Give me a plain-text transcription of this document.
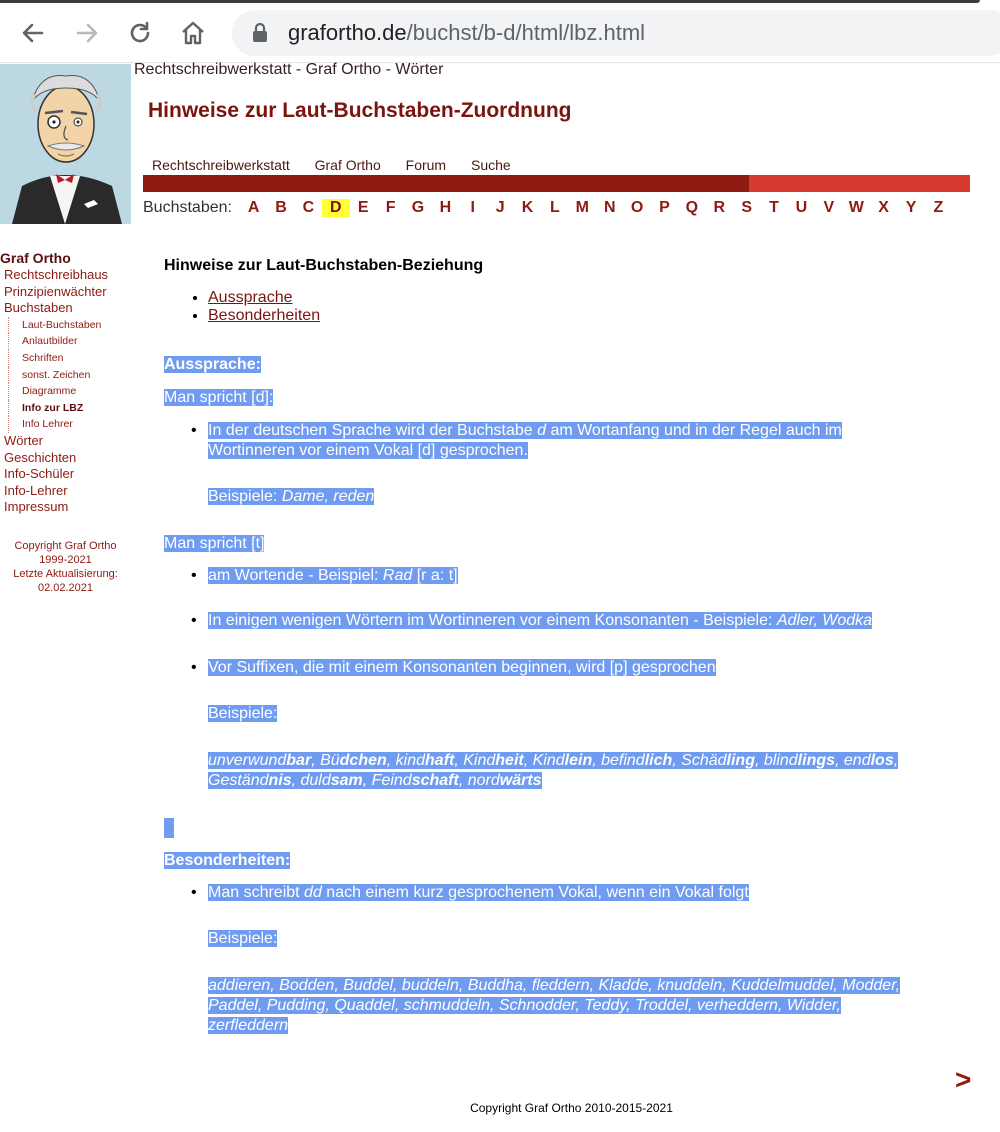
grafortho.de/buchst/b-d/html/lbz.html
Rechtschreibwerkstatt - Graf Ortho - Wörter
Hinweise zur Laut-Buchstaben-Zuordnung
Rechtschreibwerkstatt Graf Ortho Forum Suche
Buchstaben: A B C D	E	F	G H	I	J	K	L M N O P Q R	S	T	U	V W X	Y	Z
Graf Ortho
Rechtschreibhaus
Prinzipienwächter
Buchstaben
Laut-Buchstaben
Anlautbilder
Schriften
sonst. Zeichen
Diagramme
Info zur LBZ
Info Lehrer
Wörter
Geschichten
Info-Schüler
Info-Lehrer
Impressum
Copyright Graf Ortho
1999-2021
Letzte Aktualisierung:
02.02.2021
Hinweise zur Laut-Buchstaben-Beziehung
• Aussprache
• Besonderheiten
Aussprache:
Man spricht [d]:
• In der deutschen Sprache wird der Buchstabe d am Wortanfang und in der Regel auch im
Wortinneren vor einem Vokal [d] gesprochen.
Beispiele: Dame, reden
Man spricht [t]
• am Wortende - Beispiel: Rad [r a: t]
• In einigen wenigen Wörtern im Wortinneren vor einem Konsonanten - Beispiele: Adler, Wodka
• Vor Suffixen, die mit einem Konsonanten beginnen, wird [p] gesprochen
Beispiele:
unverwundbar, Büdchen, kindhaft, Kindheit, Kindlein, befindlich, Schädling, blindlings, endlos,
Geständnis, duldsam, Feindschaft, nordwärts
Besonderheiten:
• Man schreibt dd nach einem kurz gesprochenem Vokal, wenn ein Vokal folgt
Beispiele:
addieren, Bodden, Buddel, buddeln, Buddha, fleddern, Kladde, knuddeln, Kuddelmuddel, Modder,
Paddel, Pudding, Quaddel, schmuddeln, Schnodder, Teddy, Troddel, verheddern, Widder,
zerfleddern
>
Copyright Graf Ortho 2010-2015-2021
